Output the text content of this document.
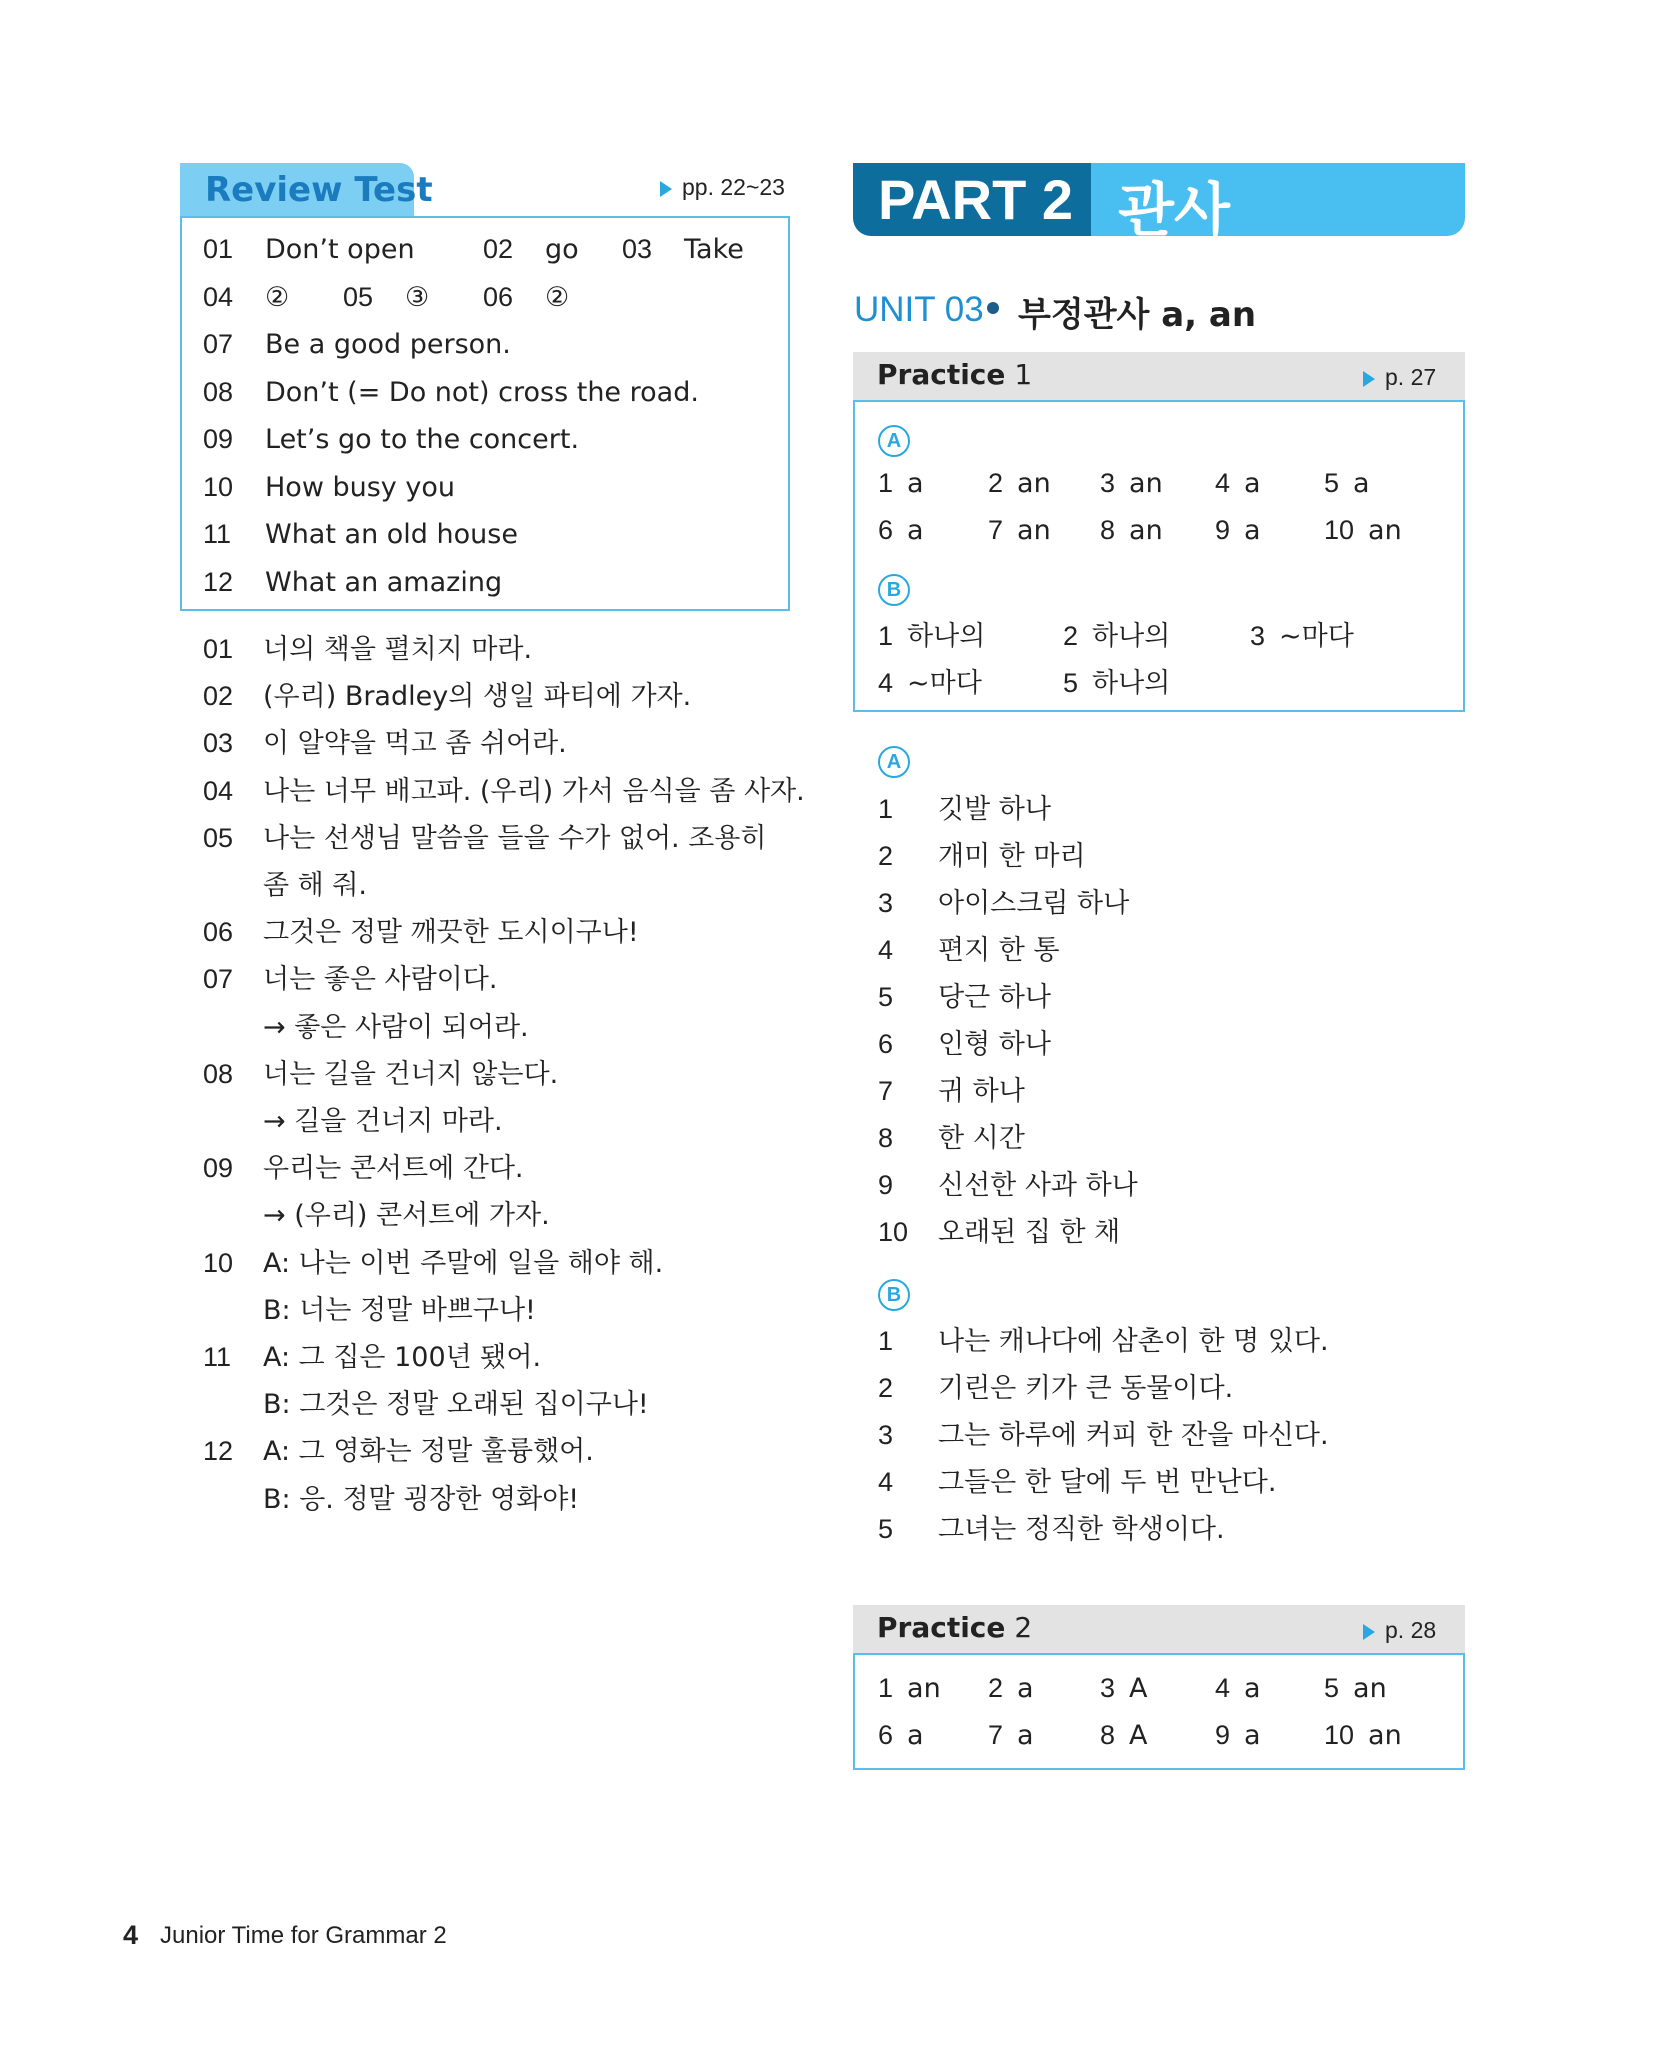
Review Test	pp. 22~23
01 Don’t open	02 go 03 Take
04 ② 05 ③ 06 ②
07 Be a good person.
08 Don’t (= Do not) cross the road.
09 Let’s go to the concert.
10 How busy you
11 What an old house
12 What an amazing
01 너의 책을 펼치지 마라.
02 (우리) Bradley의 생일 파티에 가자.
03 이 알약을 먹고 좀 쉬어라.
04 나는 너무 배고파. (우리) 가서 음식을 좀 사자.
05 나는 선생님 말씀을 들을 수가 없어. 조용히
좀 해 줘.
06 그것은 정말 깨끗한 도시이구나!
07 너는 좋은 사람이다.
→ 좋은 사람이 되어라.
08 너는 길을 건너지 않는다.
→ 길을 건너지 마라.
09 우리는 콘서트에 간다.
→ (우리) 콘서트에 가자.
10 A: 나는 이번 주말에 일을 해야 해.
B: 너는 정말 바쁘구나!
11 A: 그 집은 100년 됐어.
B: 그것은 정말 오래된 집이구나!
12 A: 그 영화는 정말 훌륭했어.
B: 응. 정말 굉장한 영화야!
PART 2 관사
UNIT 03 부정관사 a, an
Practice 1	p. 27
A
1 a 2 an 3 an 4 a 5 a
6 a 7 an 8 an 9 a 10 an
B
1 하나의	2 하나의	3 ~마다
4 ~마다	5 하나의
A
1 깃발 하나
2 개미 한 마리
3 아이스크림 하나
4 편지 한 통
5 당근 하나
6 인형 하나
7 귀 하나
8 한 시간
9 신선한 사과 하나
10 오래된 집 한 채
B
1 나는 캐나다에 삼촌이 한 명 있다.
2 기린은 키가 큰 동물이다.
3 그는 하루에 커피 한 잔을 마신다.
4 그들은 한 달에 두 번 만난다.
5 그녀는 정직한 학생이다.
Practice 2	p. 28
1 an 2 a 3 A 4 a 5 an
6 a 7 a 8 A 9 a 10 an
4 Junior Time for Grammar 2
